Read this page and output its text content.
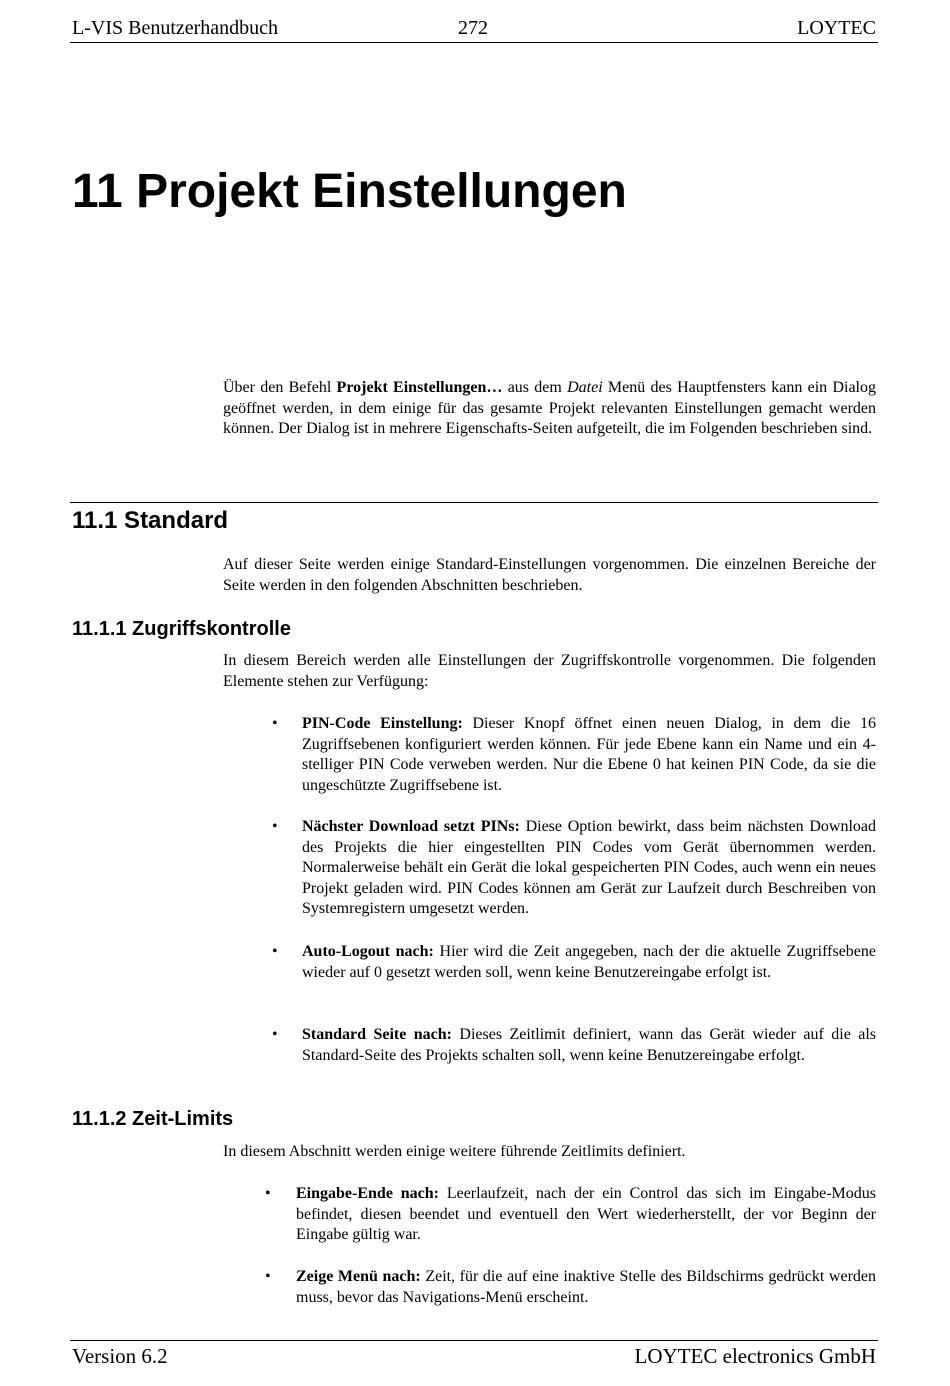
L-VIS Benutzerhandbuch	272	LOYTEC
11 Projekt Einstellungen

Über den Befehl Projekt Einstellungen… aus dem Datei Menü des Hauptfensters kann ein Dialog geöffnet werden, in dem einige für das gesamte Projekt relevanten Einstellungen gemacht werden können. Der Dialog ist in mehrere Eigenschafts-Seiten aufgeteilt, die im Folgenden beschrieben sind.

11.1 Standard

Auf dieser Seite werden einige Standard-Einstellungen vorgenommen. Die einzelnen Bereiche der Seite werden in den folgenden Abschnitten beschrieben.

11.1.1 Zugriffskontrolle

In diesem Bereich werden alle Einstellungen der Zugriffskontrolle vorgenommen. Die folgenden Elemente stehen zur Verfügung:

• PIN-Code Einstellung: Dieser Knopf öffnet einen neuen Dialog, in dem die 16 Zugriffsebenen konfiguriert werden können. Für jede Ebene kann ein Name und ein 4-stelliger PIN Code verweben werden. Nur die Ebene 0 hat keinen PIN Code, da sie die ungeschützte Zugriffsebene ist.
• Nächster Download setzt PINs: Diese Option bewirkt, dass beim nächsten Download des Projekts die hier eingestellten PIN Codes vom Gerät übernommen werden. Normalerweise behält ein Gerät die lokal gespeicherten PIN Codes, auch wenn ein neues Projekt geladen wird. PIN Codes können am Gerät zur Laufzeit durch Beschreiben von Systemregistern umgesetzt werden.
• Auto-Logout nach: Hier wird die Zeit angegeben, nach der die aktuelle Zugriffsebene wieder auf 0 gesetzt werden soll, wenn keine Benutzereingabe erfolgt ist.
• Standard Seite nach: Dieses Zeitlimit definiert, wann das Gerät wieder auf die als Standard-Seite des Projekts schalten soll, wenn keine Benutzereingabe erfolgt.
11.1.2 Zeit-Limits

In diesem Abschnitt werden einige weitere führende Zeitlimits definiert.

• Eingabe-Ende nach: Leerlaufzeit, nach der ein Control das sich im Eingabe-Modus befindet, diesen beendet und eventuell den Wert wiederherstellt, der vor Beginn der Eingabe gültig war.
• Zeige Menü nach: Zeit, für die auf eine inaktive Stelle des Bildschirms gedrückt werden muss, bevor das Navigations-Menü erscheint.
Version 6.2	LOYTEC electronics GmbH
